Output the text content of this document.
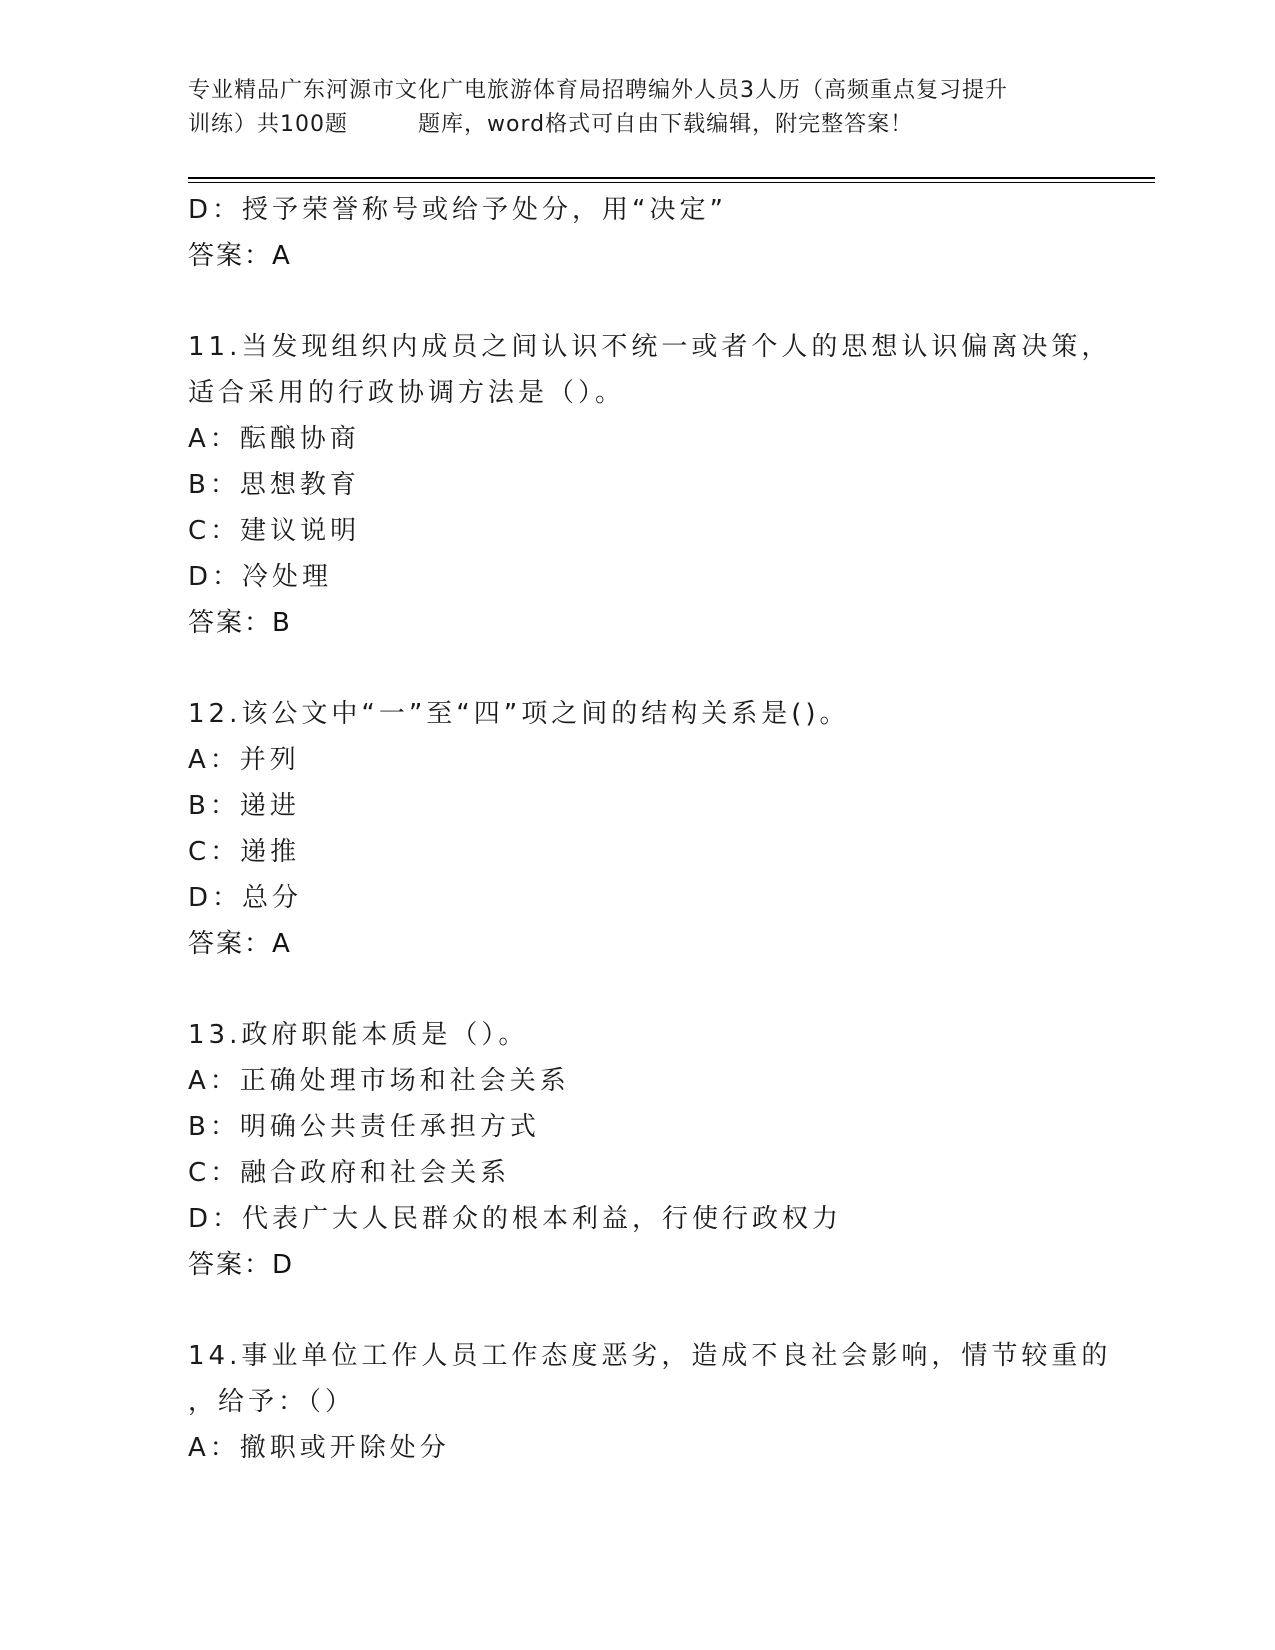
专业精品广东河源市文化广电旅游体育局招聘编外人员3人历（高频重点复习提升
训练）共100题	题库，word格式可自由下载编辑，附完整答案！
D：授予荣誉称号或给予处分，用“决定”
答案：A
11.当发现组织内成员之间认识不统一或者个人的思想认识偏离决策，
适合采用的行政协调方法是（）。
A：酝酿协商
B：思想教育
C：建议说明
D：冷处理
答案：B
12.该公文中“一”至“四”项之间的结构关系是()。
A：并列
B：递进
C：递推
D：总分
答案：A
13.政府职能本质是（）。
A：正确处理市场和社会关系
B：明确公共责任承担方式
C：融合政府和社会关系
D：代表广大人民群众的根本利益，行使行政权力
答案：D
14.事业单位工作人员工作态度恶劣，造成不良社会影响，情节较重的
，给予：（）
A：撤职或开除处分
